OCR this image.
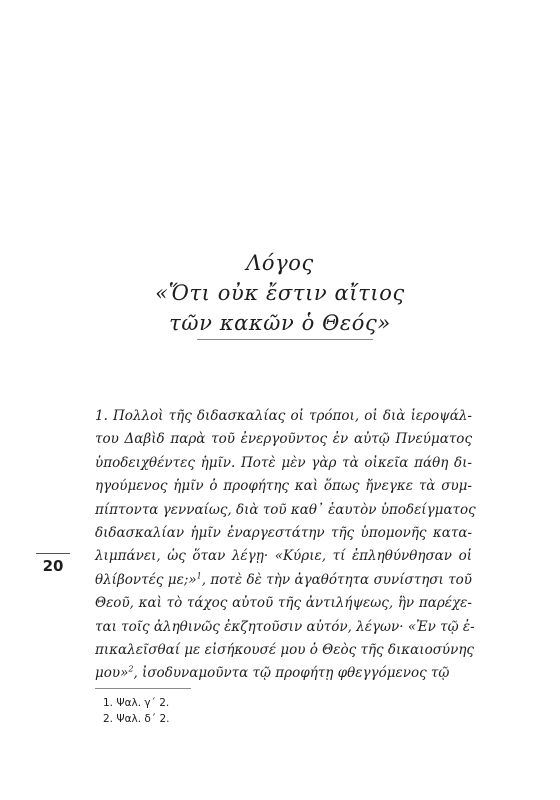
Λόγος
«Ὅτι οὐκ ἔστιν αἴτιος
τῶν κακῶν ὁ Θεός»
1. Πολλοὶ τῆς διδασκαλίας οἱ τρόποι, οἱ διὰ ἱεροψάλ-
του Δαβὶδ παρὰ τοῦ ἐνεργοῦντος ἐν αὐτῷ Πνεύματος
ὑποδειχθέντες ἡμῖν. Ποτὲ μὲν γὰρ τὰ οἰκεῖα πάθη δι-
ηγούμενος ἡμῖν ὁ προφήτης καὶ ὅπως ἤνεγκε τὰ συμ-
πίπτοντα γενναίως, διὰ τοῦ καθ᾿ ἑαυτὸν ὑποδείγματος
διδασκαλίαν ἡμῖν ἐναργεστάτην τῆς ὑπομονῆς κατα-
λιμπάνει, ὡς ὅταν λέγῃ· «Κύριε, τί ἐπληθύνθησαν οἱ
θλίβοντές με;»$^1$, ποτὲ δὲ τὴν ἀγαθότητα συνίστησι τοῦ
Θεοῦ, καὶ τὸ τάχος αὐτοῦ τῆς ἀντιλήψεως, ἣν παρέχε-
ται τοῖς ἀληθινῶς ἐκζητοῦσιν αὐτόν, λέγων· «Ἐν τῷ ἐ-
πικαλεῖσθαί με εἰσήκουσέ μου ὁ Θεὸς τῆς δικαιοσύνης
μου»$^2$, ἰσοδυναμοῦντα τῷ προφήτῃ φθεγγόμενος τῷ
20
1. Ψαλ. γ΄ 2.
2. Ψαλ. δ΄ 2.
